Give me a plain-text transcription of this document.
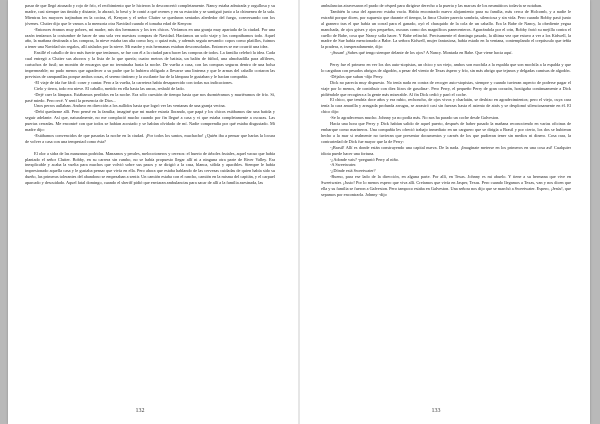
pasar de que llegó atrasado y rojo de frío, el recibimiento que le hicieron lo desconcertó completamente. Nancy estaba admirada y orgullosa y su madre, casi siempre tan tímida y distante, lo abrazó, lo besó y le contó a qué ovenes y en su estación y se santiguó junto a la chimenea de la sala. Mientras los mayores trajinaban en la cocina, él, Kenyon y el señor Clutter se quedaron sentados alrededor del fuego, conversando con los jóvenes. Clutter dijo que le vamos a la memoria otra Navidad cuando el tomaba edad de Kenyon:

-Entonces éramos muy pobres, mi madre, mis dos hermanos y los tres chicos. Vivíamos en una granja muy apartada de la ciudad. Por una razón teníamos la costumbre de hacer de una sola vez nuestras compras de Navidad. Hacíamos un solo viaje y los comprábamos todo. Aquel año, la mañana destinada a las compras, la nieve estaba tan alta como hoy, o quizá más, y además seguía nevando: copos como platillos, fuimos a tener una Navidad sin regalos, allí aislados por la nieve. Mi madre y mis hermanas estaban desconsoladas. Entonces se me ocurrió una idea.

Ensillé el caballo de tiro más fuerte que teníamos, se fue con él a la ciudad para hacer las compras de todos. La familia celebró la idea. Cada cual entregó a Clutter sus ahorros y la lista de lo que quería; cuatro metros de batista, un balón de fútbol, una almohadilla para alfileres, cartuchos de fusil; un montón de encargos que no terminaba hasta la noche. De vuelta a casa, con las compras seguras dentro de una bolsa impermeable; no pudo menos que agradecer a su padre que lo hubiera obligado a llevarse una linterna y que le armas del caballo cortaron las previstos de campanillas porque ambos cosas, el sereno tintineo y la oscilante luz de la lámpara le gustaban y le hacían compañía.

-El viaje de ida fue fácil: coser y cantar. Pero a la vuelta, la carretera había desaparecido con todas sus indicaciones.

Cielo y tierra, todo era nieve. El caballo, metido en ella hasta las ancas, resbaló de lado.

-Dejé caer la lámpara. Estábamos perdidos en la noche. Era sólo cuestión de tiempo hasta que nos durmiéramos y muriéramos de frío. Sí, pasé miedo. Pero recé. Y sentí la presencia de Dios...

Unos perros aullaban. Anduvo en dirección a los aullidos hasta que logró ver las ventanas de una granja vecina.

-Debí quedarme allí. Pero pensé en la familia; imaginé que mi madre estaría llorando, que papá y los chicos estábamos dar una batida y seguir adelante. Así que, naturalmente, no me complació mucho cuando por fin llegué a casa y vi que estaba completamente a oscuras. Las puertas cerradas. Me encontré con que todos se habían acostado y se habían olvidado de mí. Nadie comprendía por qué estaba disgustado. Mi madre dijo:

-Estábamos convencidos de que pasarías la noche en la ciudad. ¡Por todos los santos, muchacho! ¿Quién iba a pensar que harías la locura de volver a casa con una tempestad como ésta?

El olor a sidra de las manzanas podridas. Manzanos y perales, melocotoneros y cerezos: el huerto de árboles frutales, aquel vacuo que había plantado el señor Clutter. Bobby, en su carrera sin rumbo, no se había propuesto llegar allí ni a ninguna otra parte de River Valley. Era inexplicable y acaba la vuelta para muchos que volvió sobre sus pasos y se dirigió a la casa, blanca, sólida y apacibles. Siempre le había impresionado aquella casa y le gustaba pensar que vivía en ella. Pero ahora que estaba hablando de las cervezas cuidadas de quien había sido su dueño, las primeras tolerantes del abandono se empezaban a sentir. Un camión estaba con el rancho, camión en la misma del capitán, y el carpuel aparcado y descuidado. Aquel fatal domingo, cuando el sheriff pidió que enviaran ambulancias para sacar de allí a la familia asesinada, las

ambulancias atravesaron el prado de césped para dirigirse derecho a la puerta y las marcas de los neumáticos todavía se notaban.

También la casa del aparcero estaba vacía. Había encontrado nuevo alojamiento para su familia, más cerca de Holcomb, y a nadie le extrañó porque dicen, por supuesto que durante el tiempo, la finca Clutter parecía sombría, silenciosa y sin vida. Pero cuando Bobby pasó junto al granero tras el que había un corral para el ganado, oyó el chasquido de la cola de un caballo. Era la Babe de Nancy, la obediente yegua manchada, de ojos grises y ojos pequeños, oscuras como dos magníficos panecenteros. Agarrándola por el crin, Bobby frotó su mejilla contra el cuello de Babe, cosa que Nancy solía hacer. Y Babe relinchó. Precisamente el domingo pasado, la última vez que estuvo a ver a los Kidwell, la madre de Sue había mencionado a Babe. La señora Kidwell, mujer fantasiosa, había estado en la ventana, contemplando el crepúsculo que teñía la pradera, e, inesperadamente, dijo:

-¡Susan! ¿Sabes qué tengo siempre delante de los ojos? A Nancy. Montada en Babe. Que viene hacia aquí.

Perry fue el primero en ver los dos auto-stopistas, un chico y un viejo, ambos son mochila a la espalda que son mochila a la espalda y que lo cargaban con pesados abrigos de algodón, a pesar del viento de Texas áspero y frío, sin más abrigo que tejanos y delgadas camisas de algodón.

-Déjalos que suban -dijo Perry.

Dick no parecía muy dispuesto. No tenía nada en contra de recoger auto-stopistas, siempre y cuando tuvieran aspecto de poderse pagar el viaje por lo menos, de contribuir con diez litros de gasolina-. Pero Perry, el pequeño Perry de gran corazón, hostigaba continuamente a Dick pidiéndole que recogiera a la gente más miserable. Al fin Dick cedió y paró el coche.

El chico, que tendría doce años y era rubio, rechoncho, de ojos vivos y charlatán, se deshizo en agradecimientos; pero el viejo, cuya cara tenía la cara amarilla y arrugada profunda arrugas, se arrastró casi sin fuerzas hasta el asiento de atrás y se desplomó silenciosamente en él. El chico dijo:

-Se lo agradecemos mucho. Johnny ya no podía más. No nos ha parado un coche desde Galveston.

Hacía una hora que Perry y Dick habían salido de aquel puerto, después de haber pasado la mañana reconociendo en varias oficinas de embarque como marineros. Una compañía les ofreció trabajo inmediato en un carguero que se dirigía a Brasil y por cierto, los dos se hubieran hecho a la mar si realmente no tuvieran que presentar documentos y carnés de los que pudieran tener sin medios ni dinero. Cosa rara, la contrariedad de Dick fue mayor que la de Perry:

-¡Brasil! Allí es donde están construyendo una capital nueva. De la nada. ¡Imagínate meterse en los primeros en una cosa así! Cualquier idiota puede hacer una fortuna.

-¿Adonde vais? -preguntó Perry al niño.

-A Sweetwater.

-¿Dónde está Sweetwater?

-Bueno, para ese lado de la dirección, en alguna parte. Por allí, en Texas. Johnny es mi abuelo. Y tiene a su hermana que vive en Sweetwater. ¡Justo! Por lo menos espero que viva allí. Creíamos que vivía en Jasper, Texas. Pero cuando llegamos a Texas, van y nos dicen que ella y su familia se fueron a Galveston. Pero tampoco estaba en Galveston. Una señora nos dijo que se marchó a Sweetwater. Espero, ¡Jesús!, que sepamos por encontrarla. Johnny -dijo

132	133
